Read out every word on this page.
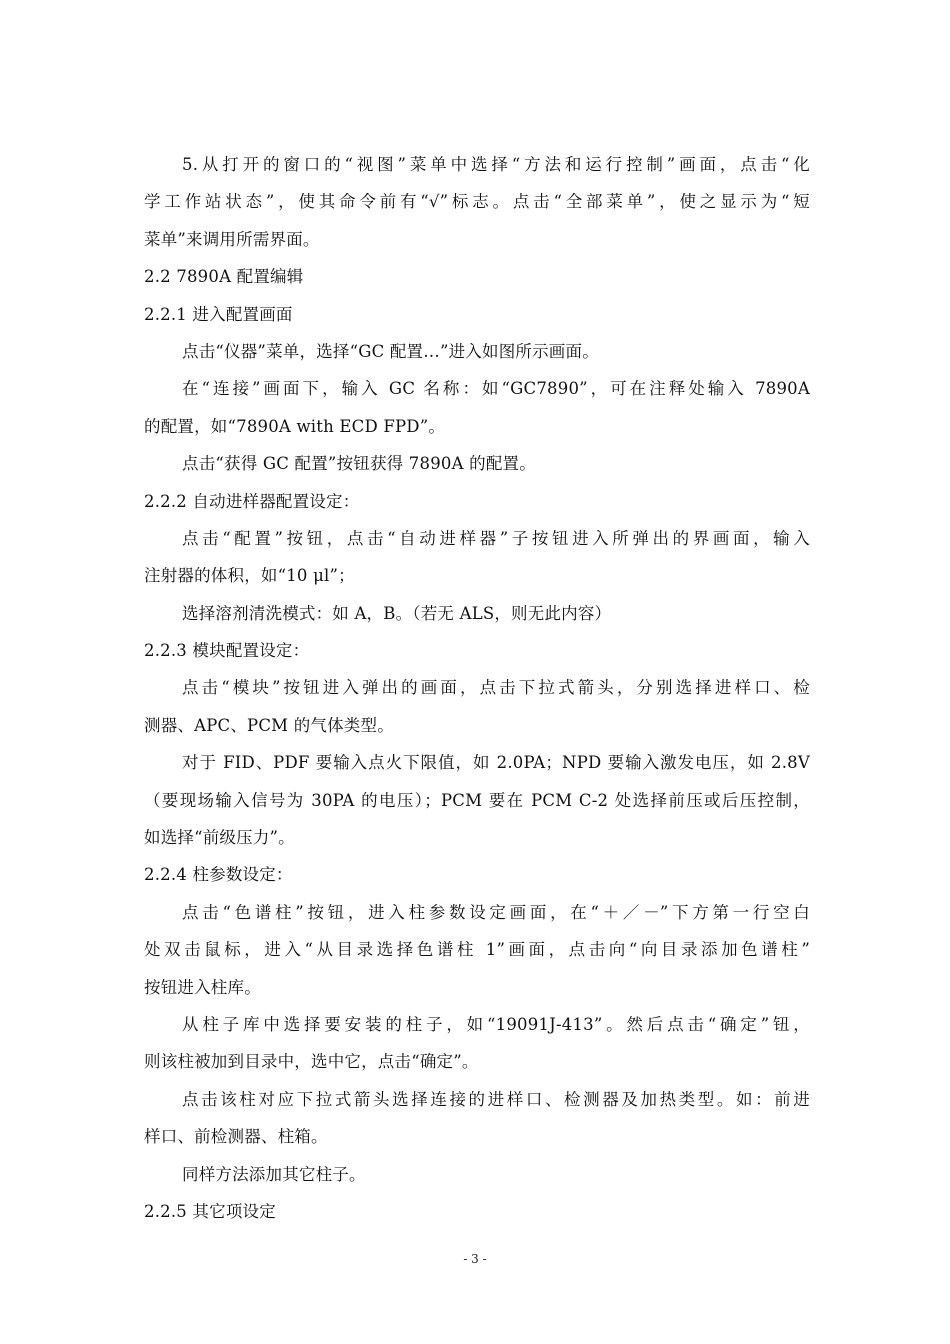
5.从打开的窗口的“视图”菜单中选择“方法和运行控制”画面，点击“化
学工作站状态”，使其命令前有“√”标志。点击“全部菜单”，使之显示为“短
菜单”来调用所需界面。
2.2 7890A 配置编辑
2.2.1 进入配置画面
点击“仪器”菜单，选择“GC 配置…”进入如图所示画面。
在“连接”画面下，输入 GC 名称：如“GC7890”，可在注释处输入 7890A
的配置，如“7890A with ECD FPD”。
点击“获得 GC 配置”按钮获得 7890A 的配置。
2.2.2 自动进样器配置设定：
点击“配置”按钮，点击“自动进样器”子按钮进入所弹出的界画面，输入
注射器的体积，如“10 μl”；
选择溶剂清洗模式：如 A，B。（若无 ALS，则无此内容）
2.2.3 模块配置设定：
点击“模块”按钮进入弹出的画面，点击下拉式箭头，分别选择进样口、检
测器、APC、PCM 的气体类型。
对于 FID、PDF 要输入点火下限值，如 2.0PA；NPD 要输入激发电压，如 2.8V
（要现场输入信号为 30PA 的电压）；PCM 要在 PCM C-2 处选择前压或后压控制，
如选择“前级压力”。
2.2.4 柱参数设定：
点击“色谱柱”按钮，进入柱参数设定画面，在“＋／－”下方第一行空白
处双击鼠标，进入“从目录选择色谱柱 1”画面，点击向“向目录添加色谱柱”
按钮进入柱库。
从柱子库中选择要安装的柱子，如“19091J-413”。然后点击“确定”钮，
则该柱被加到目录中，选中它，点击“确定”。
点击该柱对应下拉式箭头选择连接的进样口、检测器及加热类型。如：前进
样口、前检测器、柱箱。
同样方法添加其它柱子。
2.2.5 其它项设定
- 3 -
